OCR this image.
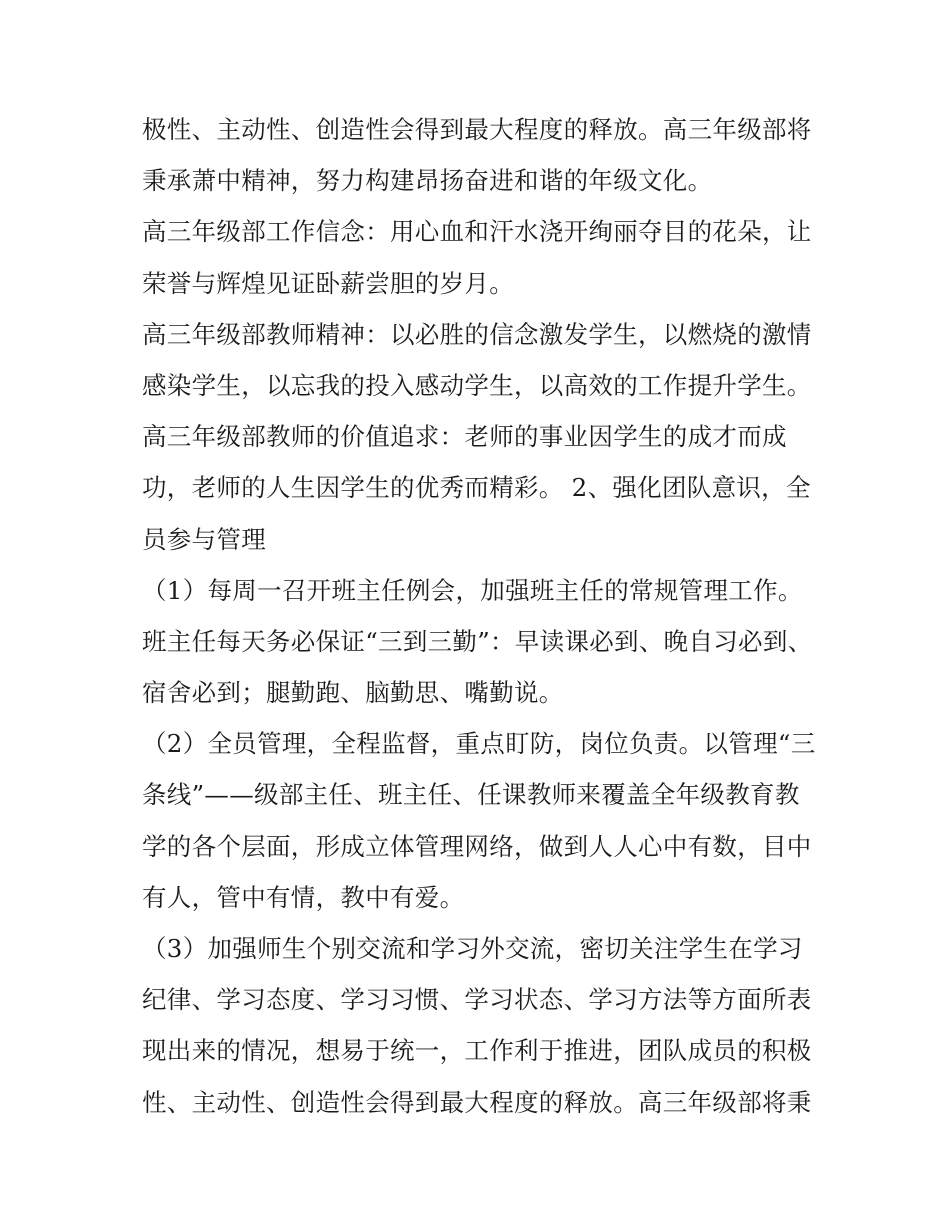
极性、主动性、创造性会得到最大程度的释放。高三年级部将
秉承萧中精神，努力构建昂扬奋进和谐的年级文化。
高三年级部工作信念：用心血和汗水浇开绚丽夺目的花朵，让
荣誉与辉煌见证卧薪尝胆的岁月。
高三年级部教师精神：以必胜的信念激发学生，以燃烧的激情
感染学生，以忘我的投入感动学生，以高效的工作提升学生。
高三年级部教师的价值追求：老师的事业因学生的成才而成
功，老师的人生因学生的优秀而精彩。 2、强化团队意识，全
员参与管理
（1）每周一召开班主任例会，加强班主任的常规管理工作。
班主任每天务必保证“三到三勤”：早读课必到、晚自习必到、
宿舍必到；腿勤跑、脑勤思、嘴勤说。
（2）全员管理，全程监督，重点盯防，岗位负责。以管理“三
条线”——级部主任、班主任、任课教师来覆盖全年级教育教
学的各个层面，形成立体管理网络，做到人人心中有数，目中
有人，管中有情，教中有爱。
（3）加强师生个别交流和学习外交流，密切关注学生在学习
纪律、学习态度、学习习惯、学习状态、学习方法等方面所表
现出来的情况，想易于统一，工作利于推进，团队成员的积极
性、主动性、创造性会得到最大程度的释放。高三年级部将秉
